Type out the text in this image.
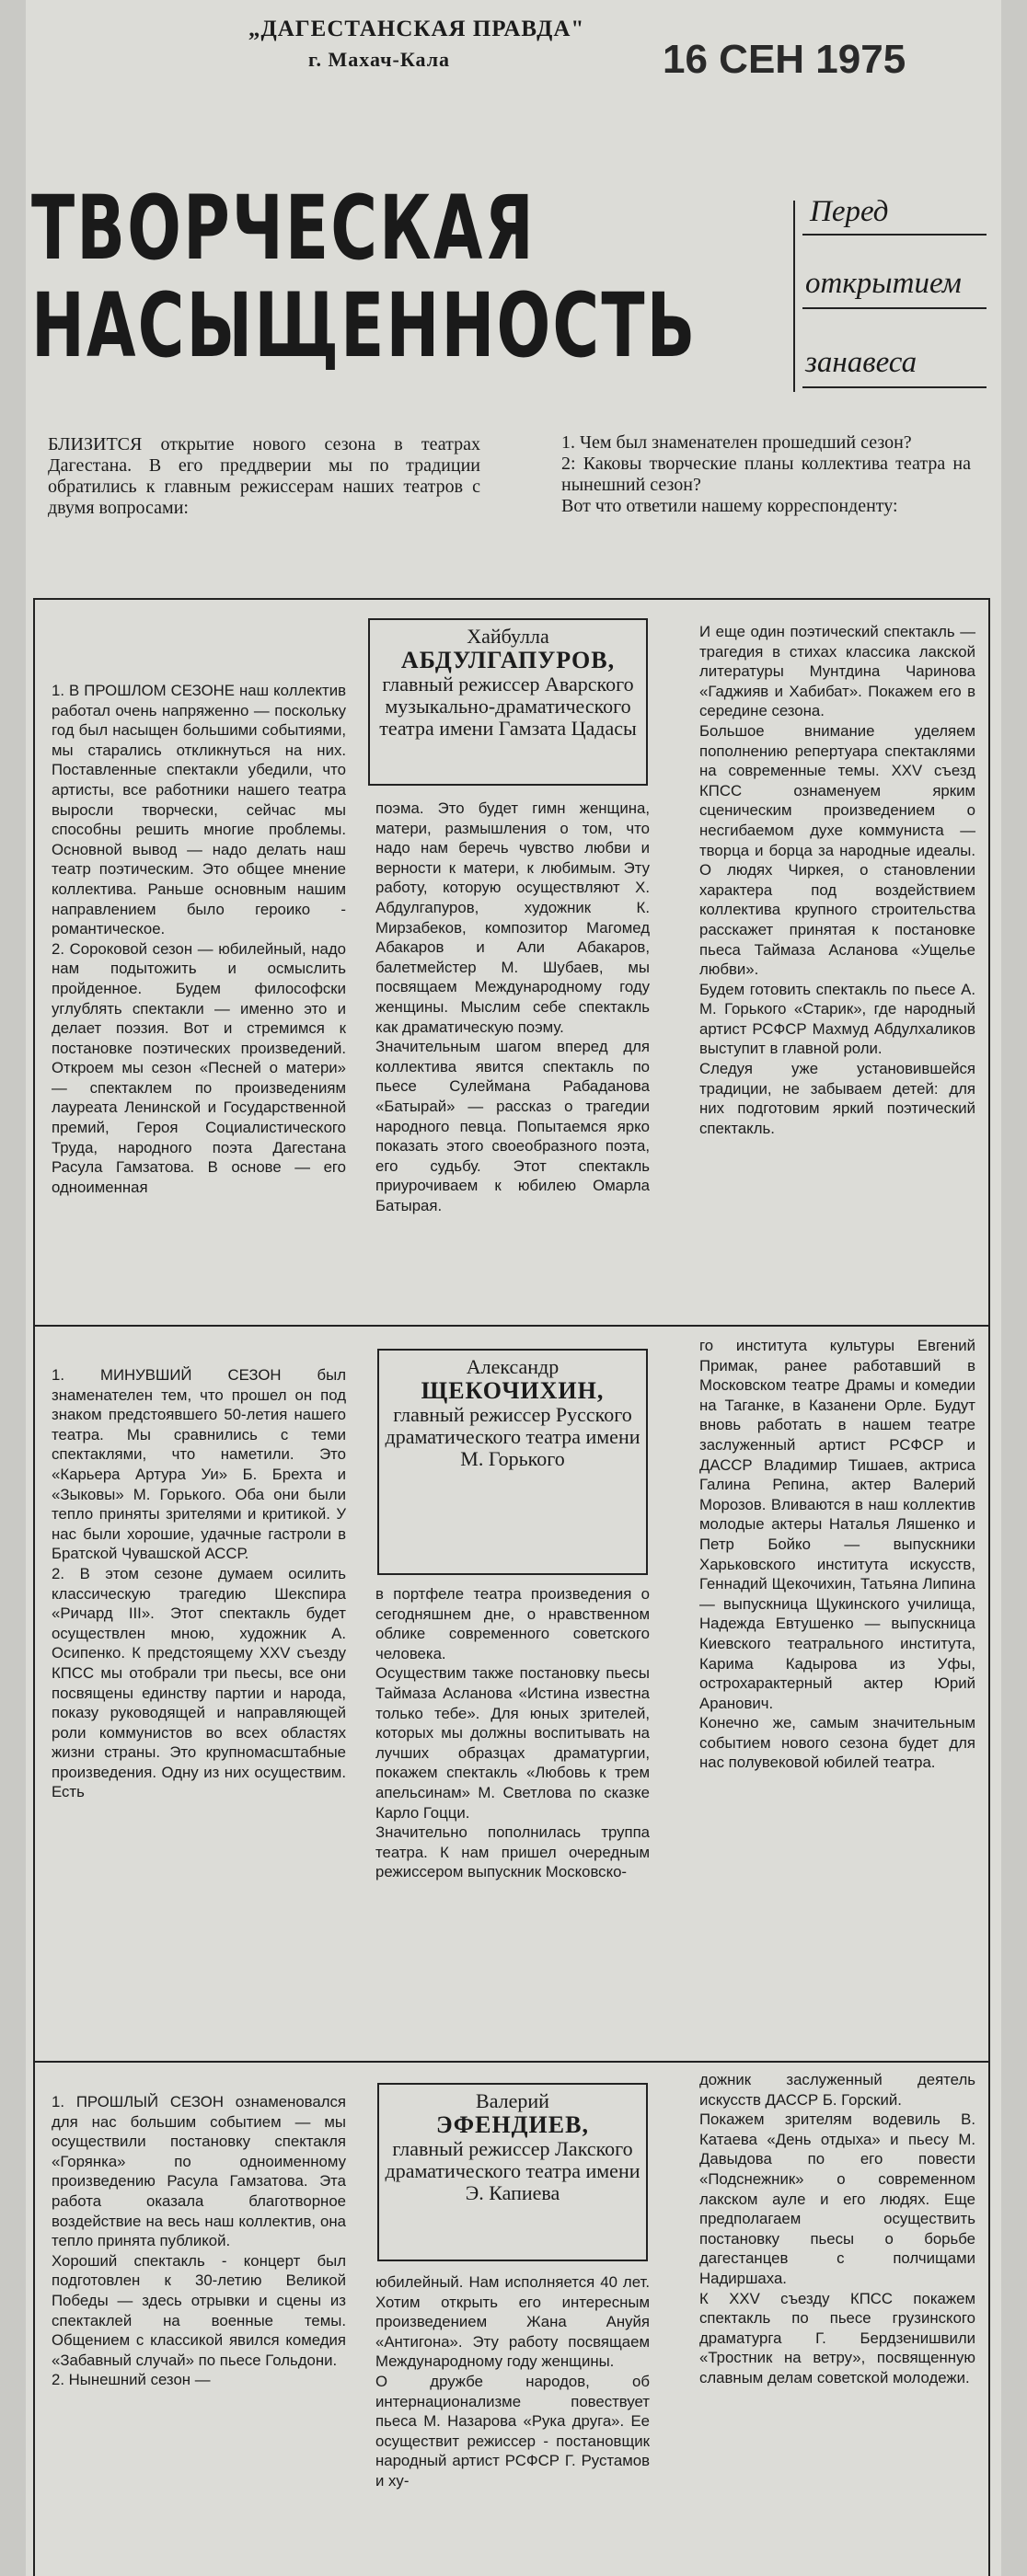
„ДАГЕСТАНСКАЯ ПРАВДА"
г. Махач-Кала	16 СЕН 1975
ТВОРЧЕСКАЯ
НАСЫЩЕННОСТЬ
Перед
открытием
занавеса
БЛИЗИТСЯ открытие нового сезона в театрах Дагестана. В его преддверии мы по традиции обратились к главным режиссерам наших театров с двумя вопросами:
1. Чем был знаменателен прошедший сезон?
2: Каковы творческие планы коллектива театра на нынешний сезон?
Вот что ответили нашему корреспонденту:
Хайбулла
АБДУЛГАПУРОВ,
главный режиссер Аварского музыкально-драматического театра имени Гамзата Цадасы
1. В ПРОШЛОМ СЕЗОНЕ наш коллектив работал очень напряженно — поскольку год был насыщен большими событиями, мы старались откликнуться на них. Поставленные спектакли убедили, что артисты, все работники нашего театра выросли творчески, сейчас мы способны решить многие проблемы. Основной вывод — надо делать наш театр поэтическим. Это общее мнение коллектива. Раньше основным нашим направлением было героико - романтическое.
2. Сороковой сезон — юбилейный, надо нам подытожить и осмыслить пройденное. Будем философски углублять спектакли — именно это и делает поэзия. Вот и стремимся к постановке поэтических произведений. Откроем мы сезон «Песней о матери» — спектаклем по произведениям лауреата Ленинской и Государственной премий, Героя Социалистического Труда, народного поэта Дагестана Расула Гамзатова. В основе — его одноименная
поэма. Это будет гимн женщина, матери, размышления о том, что надо нам беречь чувство любви и верности к матери, к любимым. Эту работу, которую осуществляют Х. Абдулгапуров, художник К. Мирзабеков, композитор Магомед Абакаров и Али Абакаров, балетмейстер М. Шубаев, мы посвящаем Международному году женщины. Мыслим себе спектакль как драматическую поэму.
Значительным шагом вперед для коллектива явится спектакль по пьесе Сулеймана Рабаданова «Батырай» — рассказ о трагедии народного певца. Попытаемся ярко показать этого своеобразного поэта, его судьбу. Этот спектакль приурочиваем к юбилею Омарла Батырая.
И еще один поэтический спектакль — трагедия в стихах классика лакской литературы Мунтдина Чаринова «Гаджияв и Хабибат». Покажем его в середине сезона.
Большое внимание уделяем пополнению репертуара спектаклями на современные темы. XXV съезд КПСС ознаменуем ярким сценическим произведением о несгибаемом духе коммуниста — творца и борца за народные идеалы. О людях Чиркея, о становлении характера под воздействием коллектива крупного строительства расскажет принятая к постановке пьеса Таймаза Асланова «Ущелье любви».
Будем готовить спектакль по пьесе А. М. Горького «Старик», где народный артист РСФСР Махмуд Абдулхаликов выступит в главной роли.
Следуя уже установившейся традиции, не забываем детей: для них подготовим яркий поэтический спектакль.
Александр
ЩЕКОЧИХИН,
главный режиссер Русского драматического театра имени М. Горького
1. МИНУВШИЙ СЕЗОН был знаменателен тем, что прошел он под знаком предстоявшего 50-летия нашего театра. Мы сравнились с теми спектаклями, что наметили. Это «Карьера Артура Уи» Б. Брехта и «Зыковы» М. Горького. Оба они были тепло приняты зрителями и критикой. У нас были хорошие, удачные гастроли в Братской Чувашской АССР.
2. В этом сезоне думаем осилить классическую трагедию Шекспира «Ричард III». Этот спектакль будет осуществлен мною, художник А. Осипенко. К предстоящему XXV съезду КПСС мы отобрали три пьесы, все они посвящены единству партии и народа, показу руководящей и направляющей роли коммунистов во всех областях жизни страны. Это крупномасштабные произведения. Одну из них осуществим. Есть
в портфеле театра произведения о сегодняшнем дне, о нравственном облике современного советского человека.
Осуществим также постановку пьесы Таймаза Асланова «Истина известна только тебе». Для юных зрителей, которых мы должны воспитывать на лучших образцах драматургии, покажем спектакль «Любовь к трем апельсинам» М. Светлова по сказке Карло Гоцци.
Значительно пополнилась труппа театра. К нам пришел очередным режиссером выпускник Московско-
го института культуры Евгений Примак, ранее работавший в Московском театре Драмы и комедии на Таганке, в Казанени Орле. Будут вновь работать в нашем театре заслуженный артист РСФСР и ДАССР Владимир Тишаев, актриса Галина Репина, актер Валерий Морозов. Вливаются в наш коллектив молодые актеры Наталья Ляшенко и Петр Бойко — выпускники Харьковского института искусств, Геннадий Щекочихин, Татьяна Липина — выпускница Щукинского училища, Надежда Евтушенко — выпускница Киевского театрального института, Карима Кадырова из Уфы, острохарактерный актер Юрий Аранович.
Конечно же, самым значительным событием нового сезона будет для нас полувековой юбилей театра.
Валерий
ЭФЕНДИЕВ,
главный режиссер Лакского драматического театра имени Э. Капиева
1. ПРОШЛЫЙ СЕЗОН ознаменовался для нас большим событием — мы осуществили постановку спектакля «Горянка» по одноименному произведению Расула Гамзатова. Эта работа оказала благотворное воздействие на весь наш коллектив, она тепло принята публикой.
Хороший спектакль - концерт был подготовлен к 30-летию Великой Победы — здесь отрывки и сцены из спектаклей на военные темы. Общением с классикой явился комедия «Забавный случай» по пьесе Гольдони.
2. Нынешний сезон —
юбилейный. Нам исполняется 40 лет. Хотим открыть его интересным произведением Жана Ануйя «Антигона». Эту работу посвящаем Международному году женщины.
О дружбе народов, об интернационализме повествует пьеса М. Назарова «Рука друга». Ее осуществит режиссер - постановщик народный артист РСФСР Г. Рустамов и ху-
дожник заслуженный деятель искусств ДАССР Б. Горский.
Покажем зрителям водевиль В. Катаева «День отдыха» и пьесу М. Давыдова по его повести «Подснежник» о современном лакском ауле и его людях. Еще предполагаем осуществить постановку пьесы о борьбе дагестанцев с полчищами Надиршаха.
К XXV съезду КПСС покажем спектакль по пьесе грузинского драматурга Г. Бердзенишвили «Тростник на ветру», посвященную славным делам советской молодежи.
